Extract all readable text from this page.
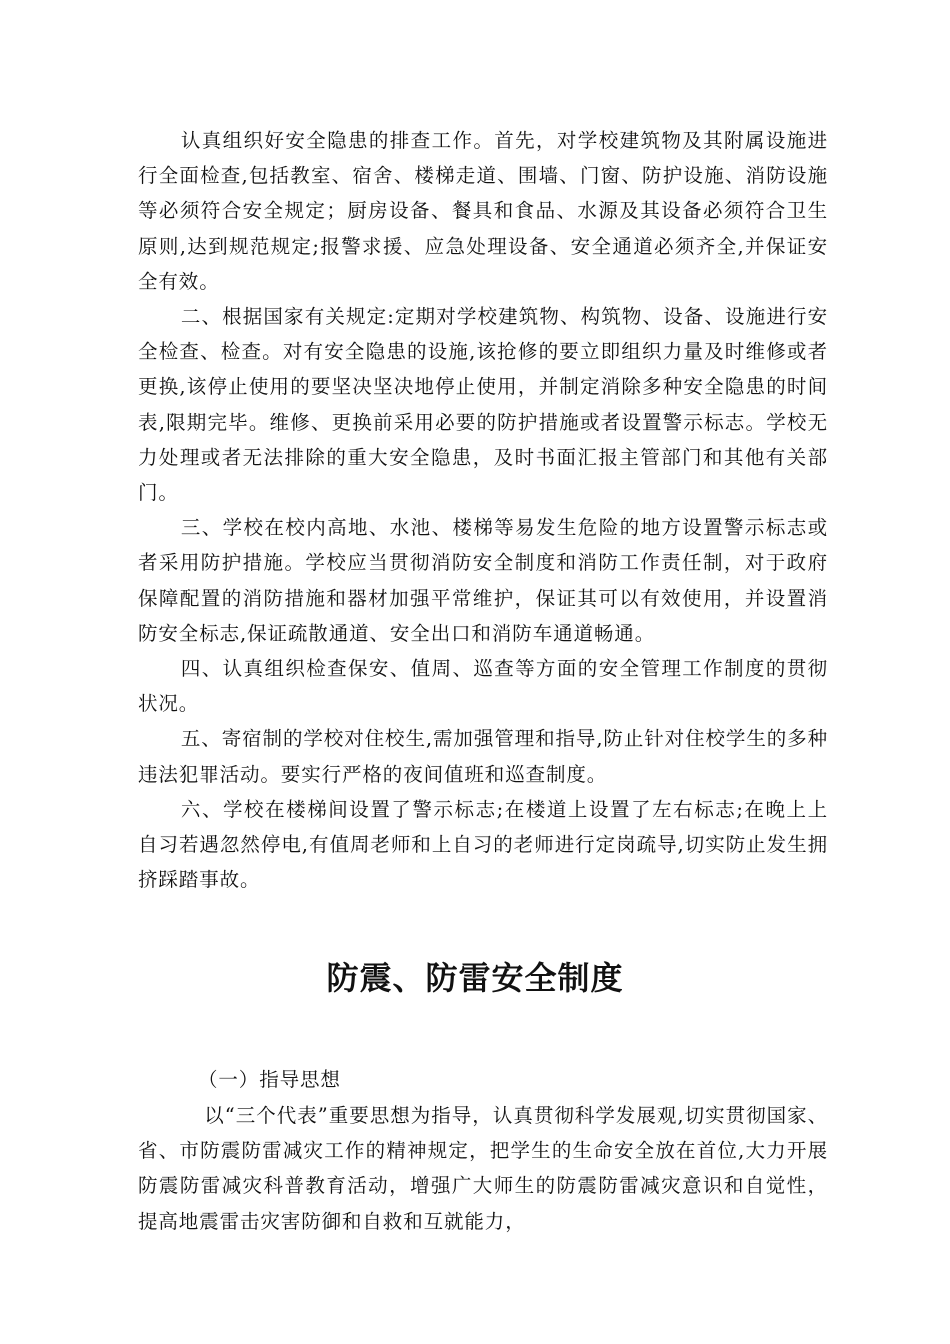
认真组织好安全隐患的排查工作。首先，对学校建筑物及其附属设施进行全面检查,包括教室、宿舍、楼梯走道、围墙、门窗、防护设施、消防设施等必须符合安全规定；厨房设备、餐具和食品、水源及其设备必须符合卫生原则,达到规范规定;报警求援、应急处理设备、安全通道必须齐全,并保证安全有效。

二、根据国家有关规定:定期对学校建筑物、构筑物、设备、设施进行安全检查、检查。对有安全隐患的设施,该抢修的要立即组织力量及时维修或者更换,该停止使用的要坚决坚决地停止使用，并制定消除多种安全隐患的时间表,限期完毕。维修、更换前采用必要的防护措施或者设置警示标志。学校无力处理或者无法排除的重大安全隐患，及时书面汇报主管部门和其他有关部门。

三、学校在校内高地、水池、楼梯等易发生危险的地方设置警示标志或者采用防护措施。学校应当贯彻消防安全制度和消防工作责任制，对于政府保障配置的消防措施和器材加强平常维护，保证其可以有效使用，并设置消防安全标志,保证疏散通道、安全出口和消防车通道畅通。

四、认真组织检查保安、值周、巡查等方面的安全管理工作制度的贯彻状况。

五、寄宿制的学校对住校生,需加强管理和指导,防止针对住校学生的多种违法犯罪活动。要实行严格的夜间值班和巡查制度。

六、学校在楼梯间设置了警示标志;在楼道上设置了左右标志;在晚上上自习若遇忽然停电,有值周老师和上自习的老师进行定岗疏导,切实防止发生拥挤踩踏事故。

防震、防雷安全制度
（一）指导思想

以“三个代表”重要思想为指导，认真贯彻科学发展观,切实贯彻国家、省、市防震防雷减灾工作的精神规定，把学生的生命安全放在首位,大力开展防震防雷减灾科普教育活动，增强广大师生的防震防雷减灾意识和自觉性，提高地震雷击灾害防御和自救和互就能力，
